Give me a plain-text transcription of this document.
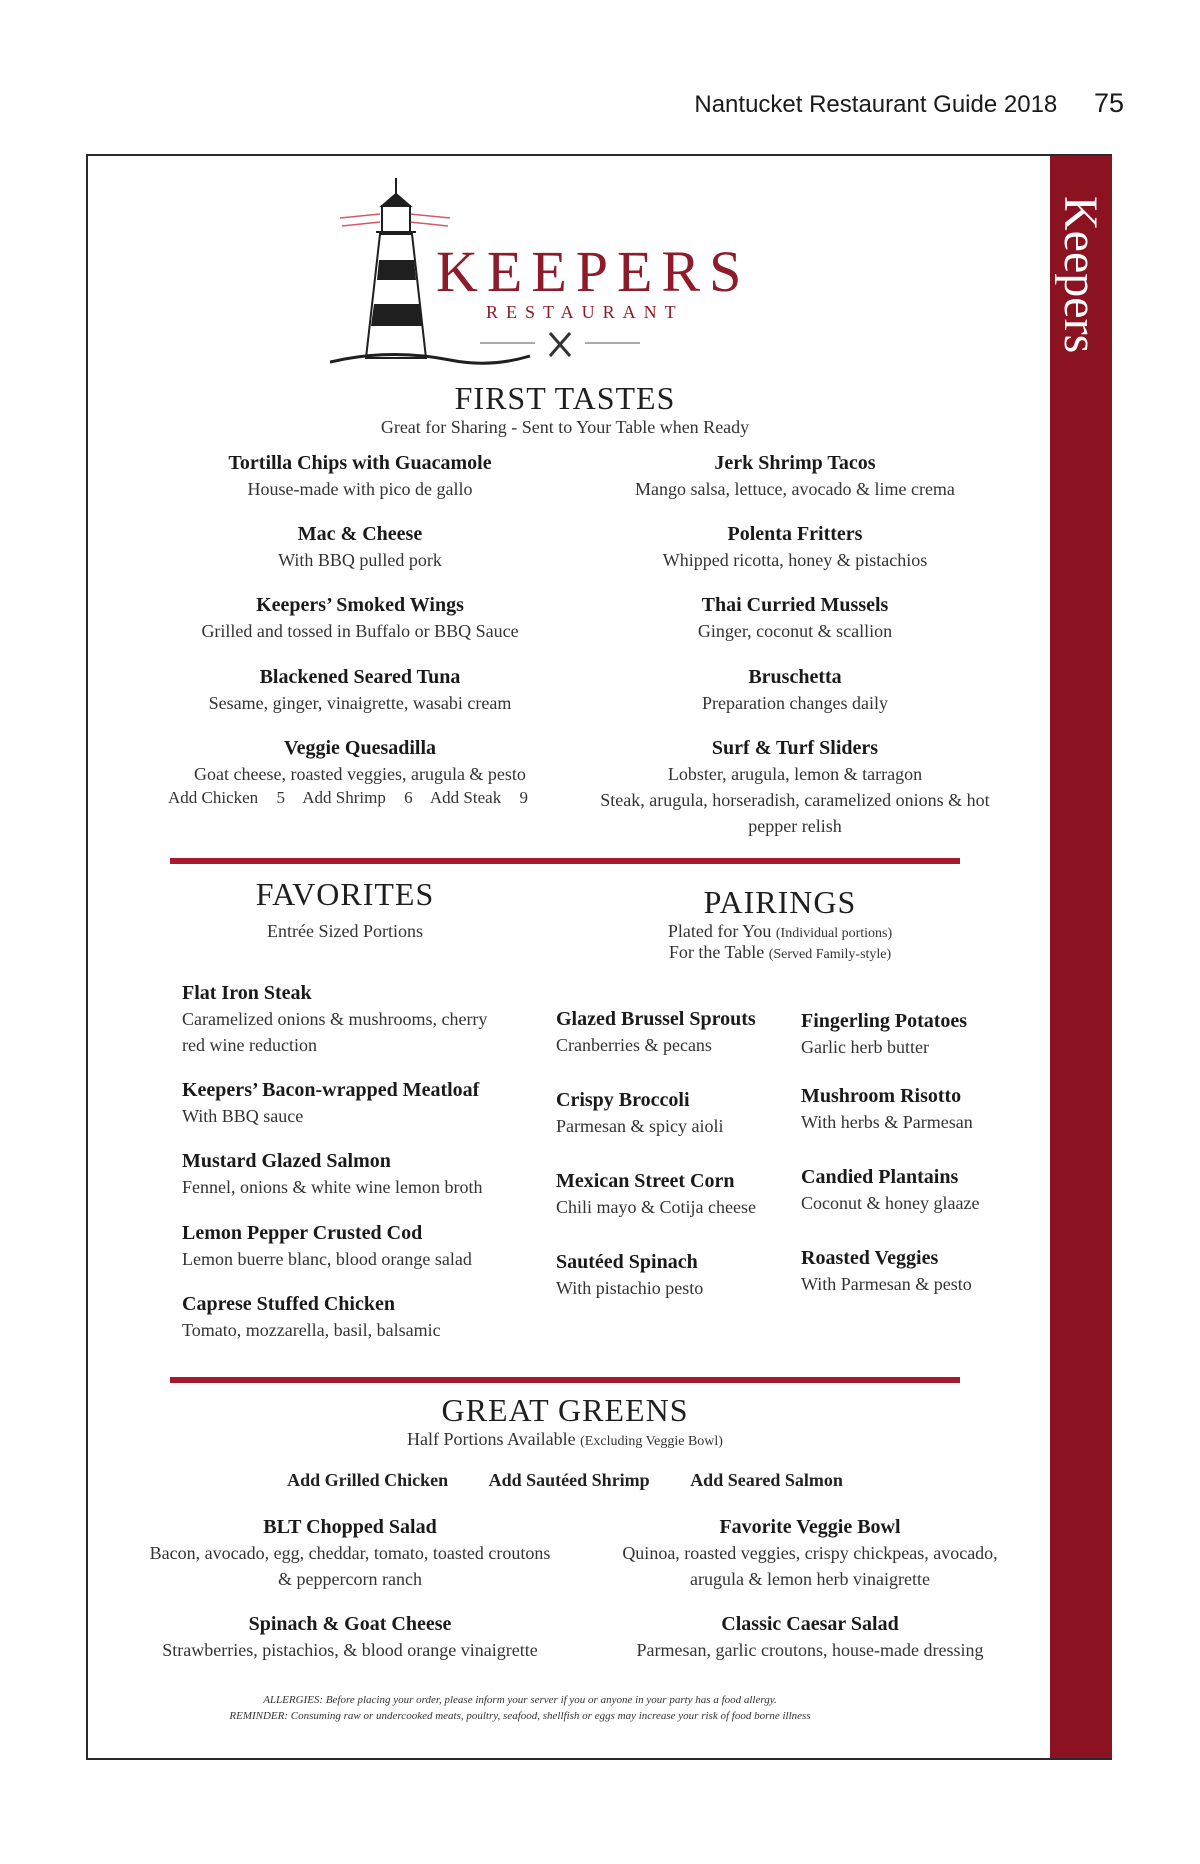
Nantucket Restaurant Guide 2018 75
Keepers
KEEPERS
RESTAURANT
FIRST TASTES
Great for Sharing - Sent to Your Table when Ready
Tortilla Chips with Guacamole
House-made with pico de gallo
Mac & Cheese
With BBQ pulled pork
Keepers’ Smoked Wings
Grilled and tossed in Buffalo or BBQ Sauce
Blackened Seared Tuna
Sesame, ginger, vinaigrette, wasabi cream
Veggie Quesadilla
Goat cheese, roasted veggies, arugula & pesto
Add Chicken 5 Add Shrimp 6 Add Steak 9
Jerk Shrimp Tacos
Mango salsa, lettuce, avocado & lime crema
Polenta Fritters
Whipped ricotta, honey & pistachios
Thai Curried Mussels
Ginger, coconut & scallion
Bruschetta
Preparation changes daily
Surf & Turf Sliders
Lobster, arugula, lemon & tarragon
Steak, arugula, horseradish, caramelized onions & hot
pepper relish
FAVORITES
Entrée Sized Portions
Flat Iron Steak
Caramelized onions & mushrooms, cherry
red wine reduction
Keepers’ Bacon-wrapped Meatloaf
With BBQ sauce
Mustard Glazed Salmon
Fennel, onions & white wine lemon broth
Lemon Pepper Crusted Cod
Lemon buerre blanc, blood orange salad
Caprese Stuffed Chicken
Tomato, mozzarella, basil, balsamic
PAIRINGS
Plated for You (Individual portions)
For the Table (Served Family-style)
Glazed Brussel Sprouts
Cranberries & pecans
Crispy Broccoli
Parmesan & spicy aioli
Mexican Street Corn
Chili mayo & Cotija cheese
Sautéed Spinach
With pistachio pesto
Fingerling Potatoes
Garlic herb butter
Mushroom Risotto
With herbs & Parmesan
Candied Plantains
Coconut & honey glaaze
Roasted Veggies
With Parmesan & pesto
GREAT GREENS
Half Portions Available (Excluding Veggie Bowl)
Add Grilled Chicken Add Sautéed Shrimp Add Seared Salmon
BLT Chopped Salad
Bacon, avocado, egg, cheddar, tomato, toasted croutons
& peppercorn ranch
Favorite Veggie Bowl
Quinoa, roasted veggies, crispy chickpeas, avocado,
arugula & lemon herb vinaigrette
Spinach & Goat Cheese
Strawberries, pistachios, & blood orange vinaigrette
Classic Caesar Salad
Parmesan, garlic croutons, house-made dressing
ALLERGIES: Before placing your order, please inform your server if you or anyone in your party has a food allergy.
REMINDER: Consuming raw or undercooked meats, poultry, seafood, shellfish or eggs may increase your risk of food borne illness
